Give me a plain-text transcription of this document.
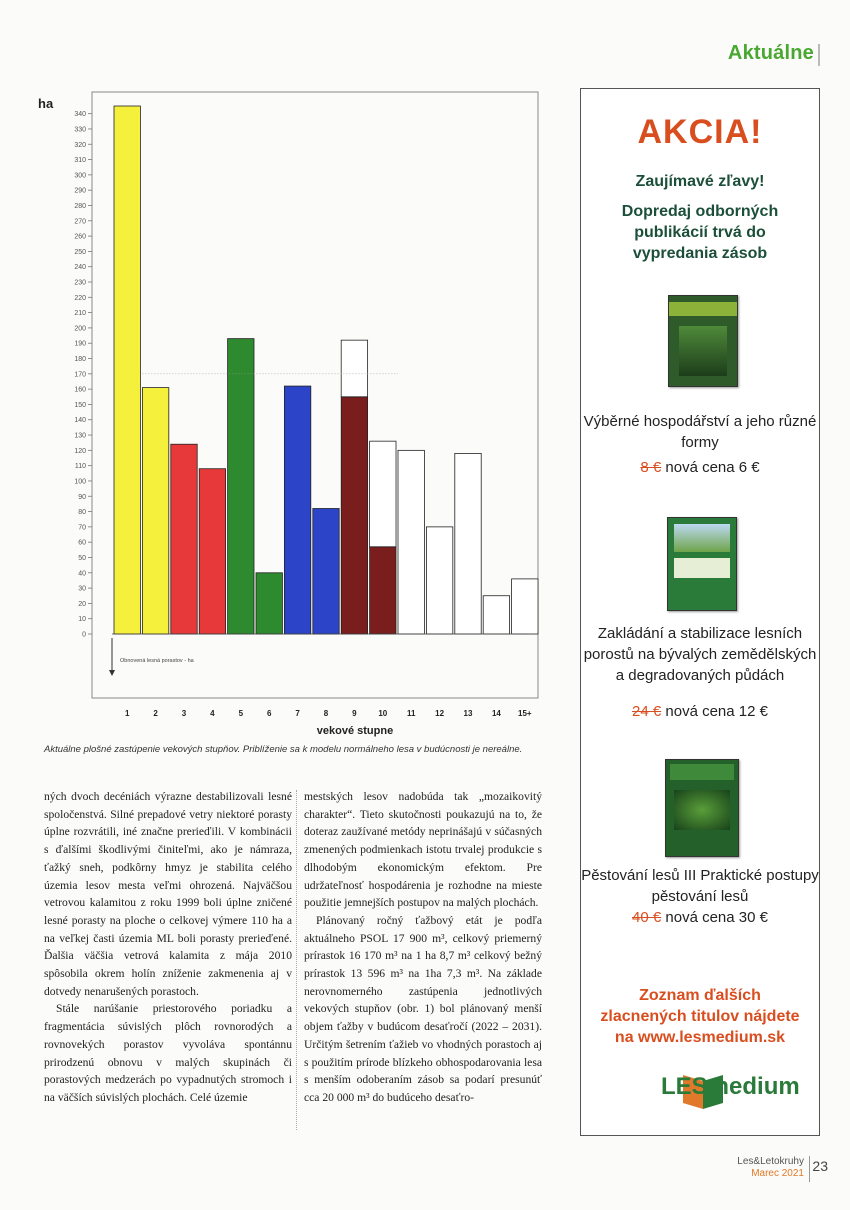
Aktuálne
ha
0
10
20
30
40
50
60
70
80
90
100
110
120
130
140
150
160
170
180
190
200
210
220
230
240
250
260
270
280
290
300
310
320
330
340
1	2	3	4	5	6	7	8	9	10 11 12 13 14 15+
Obnovená lesná porastov - ha
vekové stupne
Aktuálne plošné zastúpenie vekových stupňov. Priblíženie sa k modelu normálneho lesa v budúcnosti je nereálne.

ných dvoch decéniách výrazne destabilizovali lesné spoločenstvá. Silné prepadové vetry niektoré porasty úplne rozvrátili, iné značne prerieďili. V kombinácii s ďalšími škodlivými činiteľmi, ako je námraza, ťažký sneh, podkôrny hmyz je stabilita celého územia lesov mesta veľmi ohrozená. Najväčšou vetrovou kalamitou z roku 1999 boli úplne zničené lesné porasty na ploche o celkovej výmere 110 ha a na veľkej časti územia ML boli porasty prerieďené. Ďalšia väčšia vetrová kalamita z mája 2010 spôsobila okrem holín zníženie zakmenenia aj v dotvedy nenarušených porastoch.

Stále narúšanie priestorového poriadku a fragmentácia súvislých plôch rovnorodých a rovnovekých porastov vyvoláva spontánnu prirodzenú obnovu v malých skupinách či porastových medzerách po vypadnutých stromoch i na väčších súvislých plochách. Celé územie

mestských lesov nadobúda tak „mozaikovitý charakter“. Tieto skutočnosti poukazujú na to, že doteraz zaužívané metódy neprinášajú v súčasných zmenených podmienkach istotu trvalej produkcie s dlhodobým ekonomickým efektom. Pre udržateľnosť hospodárenia je rozhodne na mieste použitie jemnejších postupov na malých plochách.

Plánovaný ročný ťažbový etát je podľa aktuálneho PSOL 17 900 m³, celkový priemerný prírastok 16 170 m³ na 1 ha 8,7 m³ celkový bežný prírastok 13 596 m³ na 1ha 7,3 m³. Na základe nerovnomerného zastúpenia jednotlivých vekových stupňov (obr. 1) bol plánovaný menší objem ťažby v budúcom desaťročí (2022 – 2031). Určitým šetrením ťažieb vo vhodných porastoch aj s použitím prírode blízkeho obhospodarovania lesa s menším odoberaním zásob sa podarí presunúť cca 20 000 m³ do budúceho desaťro-

AKCIA!
Zaujímavé zľavy!
Dopredaj odborných publikácií trvá do vypredania zásob
Výběrné hospodářství a jeho různé formy
8 € nová cena 6 €
Zakládání a stabilizace lesních porostů na bývalých zemědělských a degradovaných půdách
24 € nová cena 12 €
Pěstování lesů III Praktické postupy pěstování lesů
40 € nová cena 30 €
Zoznam ďalších zlacnených titulov nájdete na www.lesmedium.sk
LESmedium
Les&Letokruhy
Marec 2021 23
